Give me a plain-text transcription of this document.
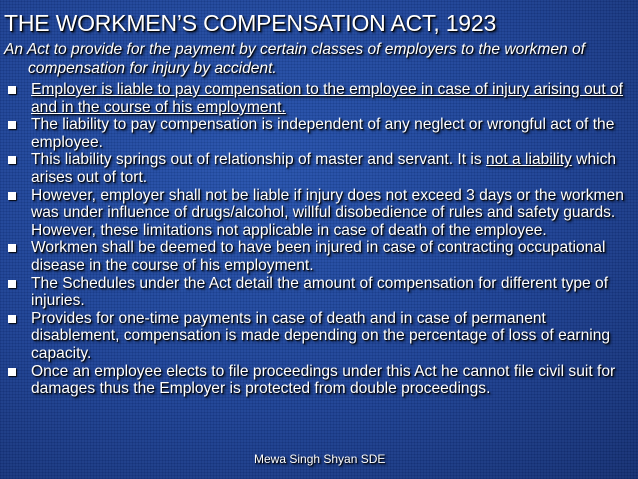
THE WORKMEN’S COMPENSATION ACT, 1923
An Act to provide for the payment by certain classes of employers to the workmen of compensation for injury by accident.
Employer is liable to pay compensation to the employee in case of injury arising out of and in the course of his employment.
The liability to pay compensation is independent of any neglect or wrongful act of the employee.
This liability springs out of relationship of master and servant. It is not a liability which arises out of tort.
However, employer shall not be liable if injury does not exceed 3 days or the workmen was under influence of drugs/alcohol, willful disobedience of rules and safety guards. However, these limitations not applicable in case of death of the employee.
Workmen shall be deemed to have been injured in case of contracting occupational disease in the course of his employment.
The Schedules under the Act detail the amount of compensation for different type of injuries.
Provides for one-time payments in case of death and in case of permanent disablement, compensation is made depending on the percentage of loss of earning capacity.
Once an employee elects to file proceedings under this Act he cannot file civil suit for damages thus the Employer is protected from double proceedings.
Mewa Singh Shyan SDE
